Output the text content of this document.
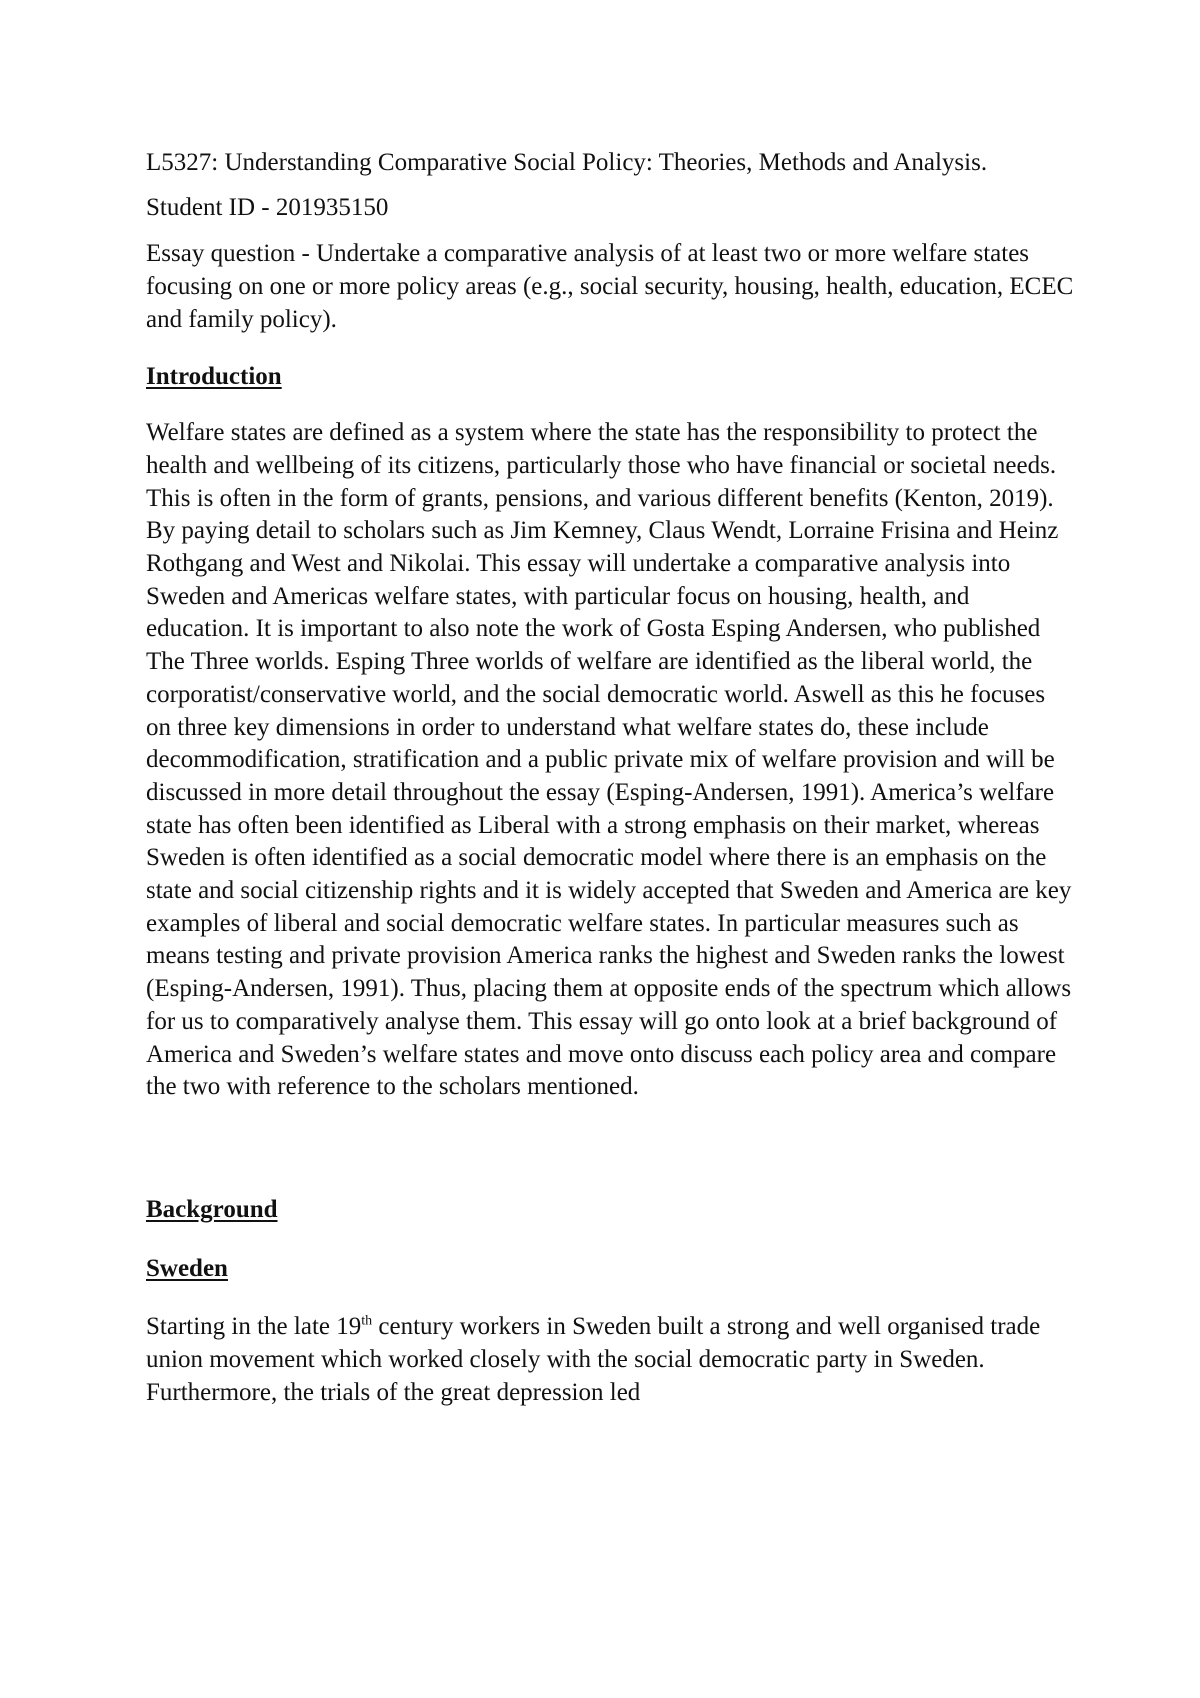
L5327: Understanding Comparative Social Policy: Theories, Methods and Analysis.

Student ID - 201935150

Essay question - Undertake a comparative analysis of at least two or more welfare states focusing on one or more policy areas (e.g., social security, housing, health, education, ECEC and family policy).

Introduction

Welfare states are defined as a system where the state has the responsibility to protect the health and wellbeing of its citizens, particularly those who have financial or societal needs. This is often in the form of grants, pensions, and various different benefits (Kenton, 2019). By paying detail to scholars such as Jim Kemney, Claus Wendt, Lorraine Frisina and Heinz Rothgang and West and Nikolai. This essay will undertake a comparative analysis into Sweden and Americas welfare states, with particular focus on housing, health, and education. It is important to also note the work of Gosta Esping Andersen, who published The Three worlds. Esping Three worlds of welfare are identified as the liberal world, the corporatist/conservative world, and the social democratic world. Aswell as this he focuses on three key dimensions in order to understand what welfare states do, these include decommodification, stratification and a public private mix of welfare provision and will be discussed in more detail throughout the essay (Esping-Andersen, 1991). America’s welfare state has often been identified as Liberal with a strong emphasis on their market, whereas Sweden is often identified as a social democratic model where there is an emphasis on the state and social citizenship rights and it is widely accepted that Sweden and America are key examples of liberal and social democratic welfare states. In particular measures such as means testing and private provision America ranks the highest and Sweden ranks the lowest (Esping-Andersen, 1991). Thus, placing them at opposite ends of the spectrum which allows for us to comparatively analyse them. This essay will go onto look at a brief background of America and Sweden’s welfare states and move onto discuss each policy area and compare the two with reference to the scholars mentioned.

Background

Sweden

Starting in the late 19th century workers in Sweden built a strong and well organised trade union movement which worked closely with the social democratic party in Sweden. Furthermore, the trials of the great depression led
